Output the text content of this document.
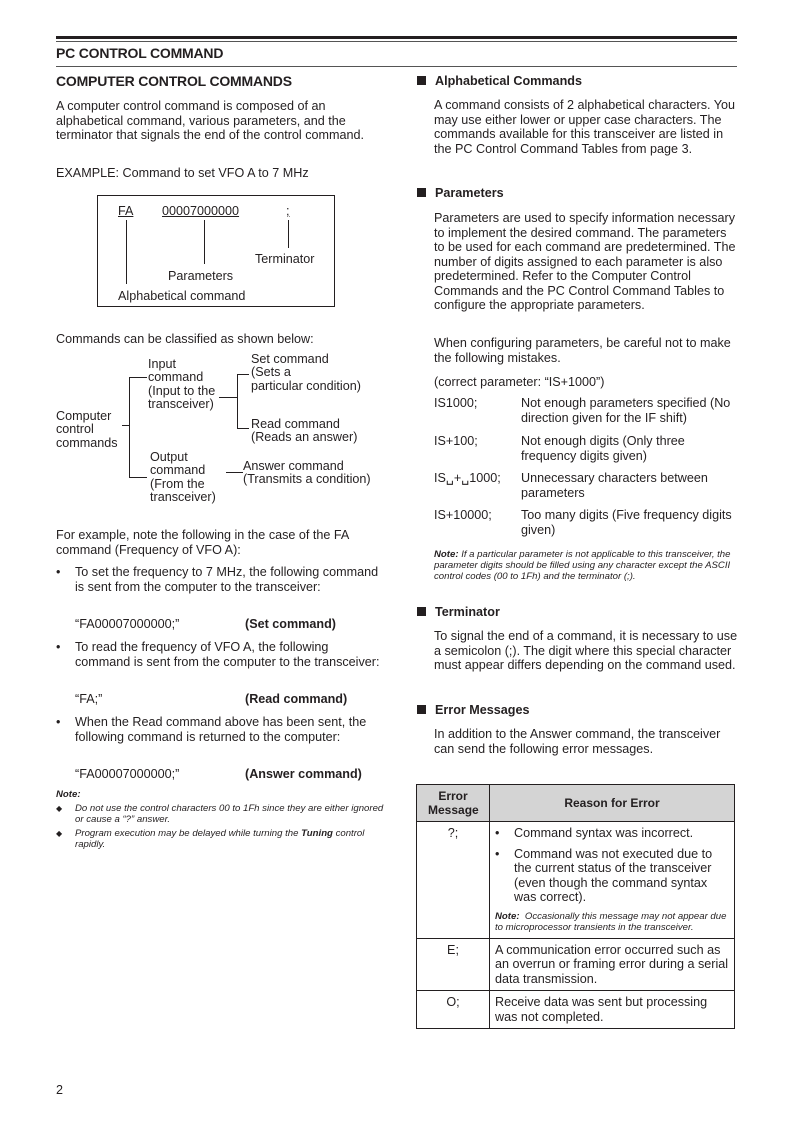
PC CONTROL COMMAND
COMPUTER CONTROL COMMANDS

A computer control command is composed of an alphabetical command, various parameters, and the terminator that signals the end of the control command.

EXAMPLE: Command to set VFO A to 7 MHz

FA 00007000000	;
Terminator
Parameters
Alphabetical command

Commands can be classified as shown below:

Computer
control
commands
Input
command
(Input to the
transceiver)
Set command
(Sets a
particular condition)
Read command
(Reads an answer)
Output
command
(From the
transceiver)
Answer command
(Transmits a condition)

For example, note the following in the case of the FA command (Frequency of VFO A):

• To set the frequency to 7 MHz, the following command is sent from the computer to the transceiver:

“FA00007000000;”	(Set command)
• To read the frequency of VFO A, the following command is sent from the computer to the transceiver:

“FA;”	(Read command)
• When the Read command above has been sent, the following command is returned to the computer:

“FA00007000000;”	(Answer command)
Note:
◆ Do not use the control characters 00 to 1Fh since they are either ignored or cause a “?” answer.
◆ Program execution may be delayed while turning the Tuning control rapidly.
Alphabetical Commands

A command consists of 2 alphabetical characters. You may use either lower or upper case characters. The commands available for this transceiver are listed in the PC Control Command Tables from page 3.

Parameters

Parameters are used to specify information necessary to implement the desired command. The parameters to be used for each command are predetermined. The number of digits assigned to each parameter is also predetermined. Refer to the Computer Control Commands and the PC Control Command Tables to configure the appropriate parameters.

When configuring parameters, be careful not to make the following mistakes.

(correct parameter: “IS+1000”)

IS1000;	Not enough parameters specified (No direction given for the IF shift)
IS+100;	Not enough digits (Only three frequency digits given)
IS␣+␣1000; Unnecessary characters between parameters
IS+10000; Too many digits (Five frequency digits given)
Note: If a particular parameter is not applicable to this transceiver, the parameter digits should be filled using any character except the ASCII control codes (00 to 1Fh) and the terminator (;).
Terminator

To signal the end of a command, it is necessary to use a semicolon (;). The digit where this special character must appear differs depending on the command used.

Error Messages

In addition to the Answer command, the transceiver can send the following error messages.

Error Message	Reason for Error
?;	• Command syntax was incorrect.
• Command was not executed due to the current status of the transceiver (even though the command syntax was correct).
Note: Occasionally this message may not appear due to microprocessor transients in the transceiver.

E;	A communication error occurred such as an overrun or framing error during a serial data transmission.
O;	Receive data was sent but processing was not completed.
2
